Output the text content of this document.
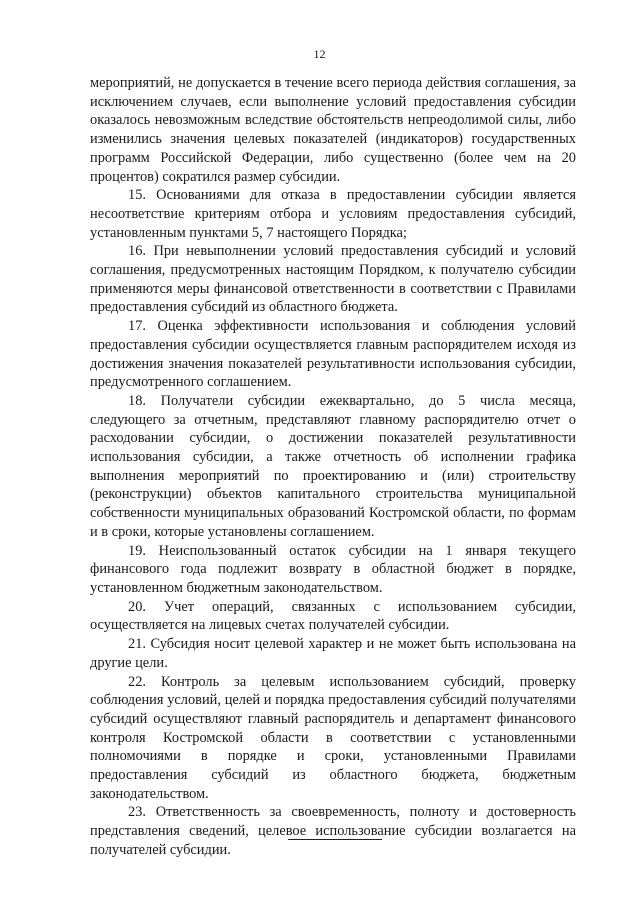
12

мероприятий, не допускается в течение всего периода действия соглашения, за исключением случаев, если выполнение условий предоставления субсидии оказалось невозможным вследствие обстоятельств непреодолимой силы, либо изменились значения целевых показателей (индикаторов) государственных программ Российской Федерации, либо существенно (более чем на 20 процентов) сократился размер субсидии.

15. Основаниями для отказа в предоставлении субсидии является несоответствие критериям отбора и условиям предоставления субсидий, установленным пунктами 5, 7 настоящего Порядка;

16. При невыполнении условий предоставления субсидий и условий соглашения, предусмотренных настоящим Порядком, к получателю субсидии применяются меры финансовой ответственности в соответствии с Правилами предоставления субсидий из областного бюджета.

17. Оценка эффективности использования и соблюдения условий предоставления субсидии осуществляется главным распорядителем исходя из достижения значения показателей результативности использования субсидии, предусмотренного соглашением.

18. Получатели субсидии ежеквартально, до 5 числа месяца, следующего за отчетным, представляют главному распорядителю отчет о расходовании субсидии, о достижении показателей результативности использования субсидии, а также отчетность об исполнении графика выполнения мероприятий по проектированию и (или) строительству (реконструкции) объектов капитального строительства муниципальной собственности муниципальных образований Костромской области, по формам и в сроки, которые установлены соглашением.

19. Неиспользованный остаток субсидии на 1 января текущего финансового года подлежит возврату в областной бюджет в порядке, установленном бюджетным законодательством.

20. Учет операций, связанных с использованием субсидии, осуществляется на лицевых счетах получателей субсидии.

21. Субсидия носит целевой характер и не может быть использована на другие цели.

22. Контроль за целевым использованием субсидий, проверку соблюдения условий, целей и порядка предоставления субсидий получателями субсидий осуществляют главный распорядитель и департамент финансового контроля Костромской области в соответствии с установленными полномочиями в порядке и сроки, установленными Правилами предоставления субсидий из областного бюджета, бюджетным законодательством.

23. Ответственность за своевременность, полноту и достоверность представления сведений, целевое использование субсидии возлагается на получателей субсидии.
